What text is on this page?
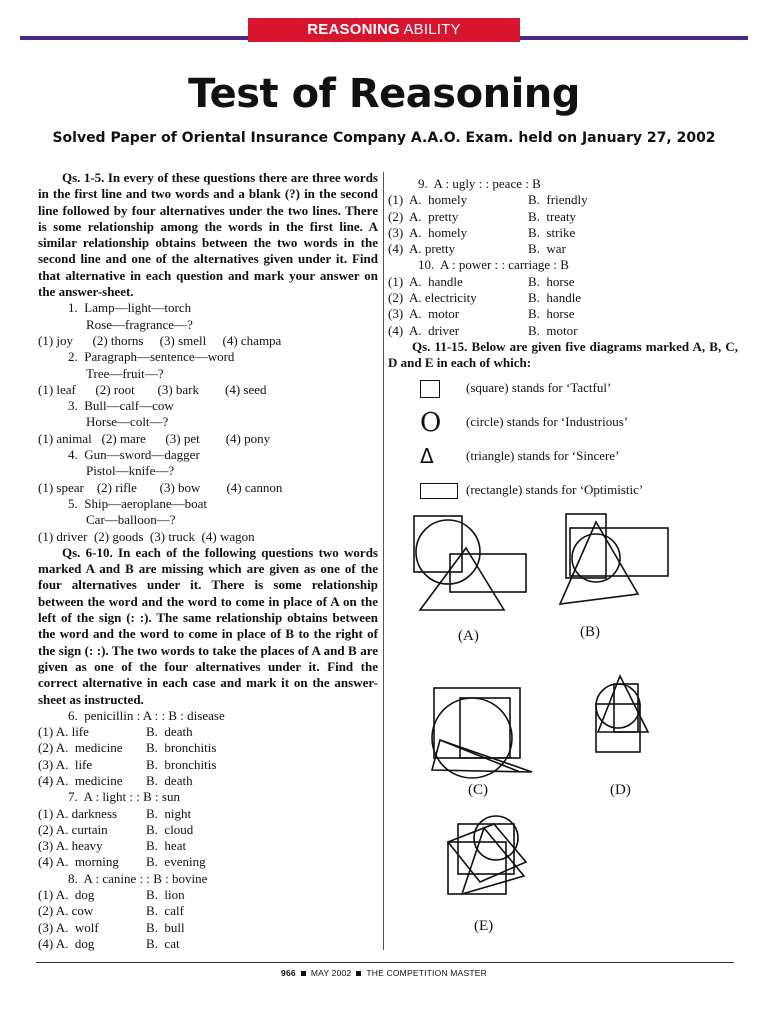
REASONING ABILITY
Test of Reasoning
Solved Paper of Oriental Insurance Company A.A.O. Exam. held on January 27, 2002
Qs. 1-5. In every of these questions there are three words in the first line and two words and a blank (?) in the second line followed by four alternatives under the two lines. There is some relationship among the words in the first line. A similar relationship obtains between the two words in the second line and one of the alternatives given under it. Find that alternative in each question and mark your answer on the answer-sheet.
1.  Lamp—light—torch
Rose—fragrance—?
(1) joy      (2) thorns     (3) smell     (4) champa
2.  Paragraph—sentence—word
Tree—fruit—?
(1) leaf      (2) root       (3) bark        (4) seed
3.  Bull—calf—cow
Horse—colt—?
(1) animal   (2) mare      (3) pet        (4) pony
4.  Gun—sword—dagger
Pistol—knife—?
(1) spear    (2) rifle       (3) bow        (4) cannon
5.  Ship—aeroplane—boat
Car—balloon—?
(1) driver  (2) goods  (3) truck  (4) wagon
Qs. 6-10. In each of the following questions two words marked A and B are missing which are given as one of the four alternatives under it. There is some relationship between the word and the word to come in place of A on the left of the sign (: :). The same relationship obtains between the word and the word to come in place of B to the right of the sign (: :). The two words to take the places of A and B are given as one of the four alternatives under it. Find the correct alternative in each case and mark it on the answer-sheet as instructed.
6.  penicillin : A : : B : disease
(1) A. life	B.  death
(2) A.  medicine	B.  bronchitis
(3) A.  life	B.  bronchitis
(4) A.  medicine	B.  death
7.  A : light : : B : sun
(1) A. darkness	B.  night
(2) A. curtain	B.  cloud
(3) A. heavy	B.  heat
(4) A.  morning	B.  evening
8.  A : canine : : B : bovine
(1) A.  dog	B.  lion
(2) A. cow	B.  calf
(3) A.  wolf	B.  bull
(4) A.  dog	B.  cat
9.  A : ugly : : peace : B
(1)  A.  homely	B.  friendly
(2)  A.  pretty	B.  treaty
(3)  A.  homely	B.  strike
(4)  A. pretty	B.  war
10.  A : power : : carriage : B
(1)  A.  handle	B.  horse
(2)  A. electricity	B.  handle
(3)  A.  motor	B.  horse
(4)  A.  driver	B.  motor
Qs. 11-15. Below are given five diagrams marked A, B, C, D and E in each of which:
(square) stands for ‘Tactful’
O	(circle) stands for ‘Industrious’
Δ	(triangle) stands for ‘Sincere’
(rectangle) stands for ‘Optimistic’
(A)	(B)
(C)	(D)
(E)
966 MAY 2002 THE COMPETITION MASTER
